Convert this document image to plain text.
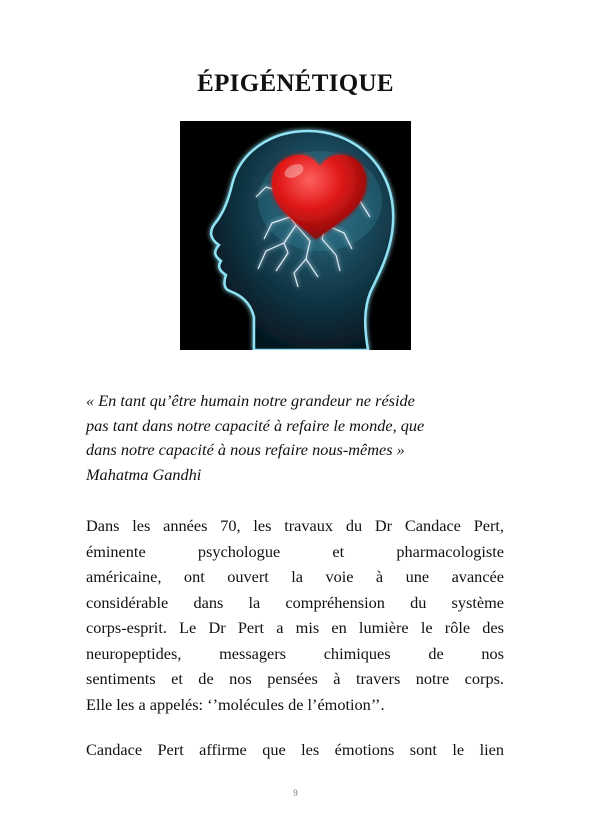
ÉPIGÉNÉTIQUE

« En tant qu’être humain notre grandeur ne réside
pas tant dans notre capacité à refaire le monde, que
dans notre capacité à nous refaire nous-mêmes »
Mahatma Gandhi

Dans les années 70, les travaux du Dr Candace Pert,
éminente psychologue et pharmacologiste
américaine, ont ouvert la voie à une avancée
considérable dans la compréhension du système
corps-esprit. Le Dr Pert a mis en lumière le rôle des
neuropeptides, messagers chimiques de nos
sentiments et de nos pensées à travers notre corps.
Elle les a appelés: ‘’molécules de l’émotion’’.

Candace Pert affirme que les émotions sont le lien

9
